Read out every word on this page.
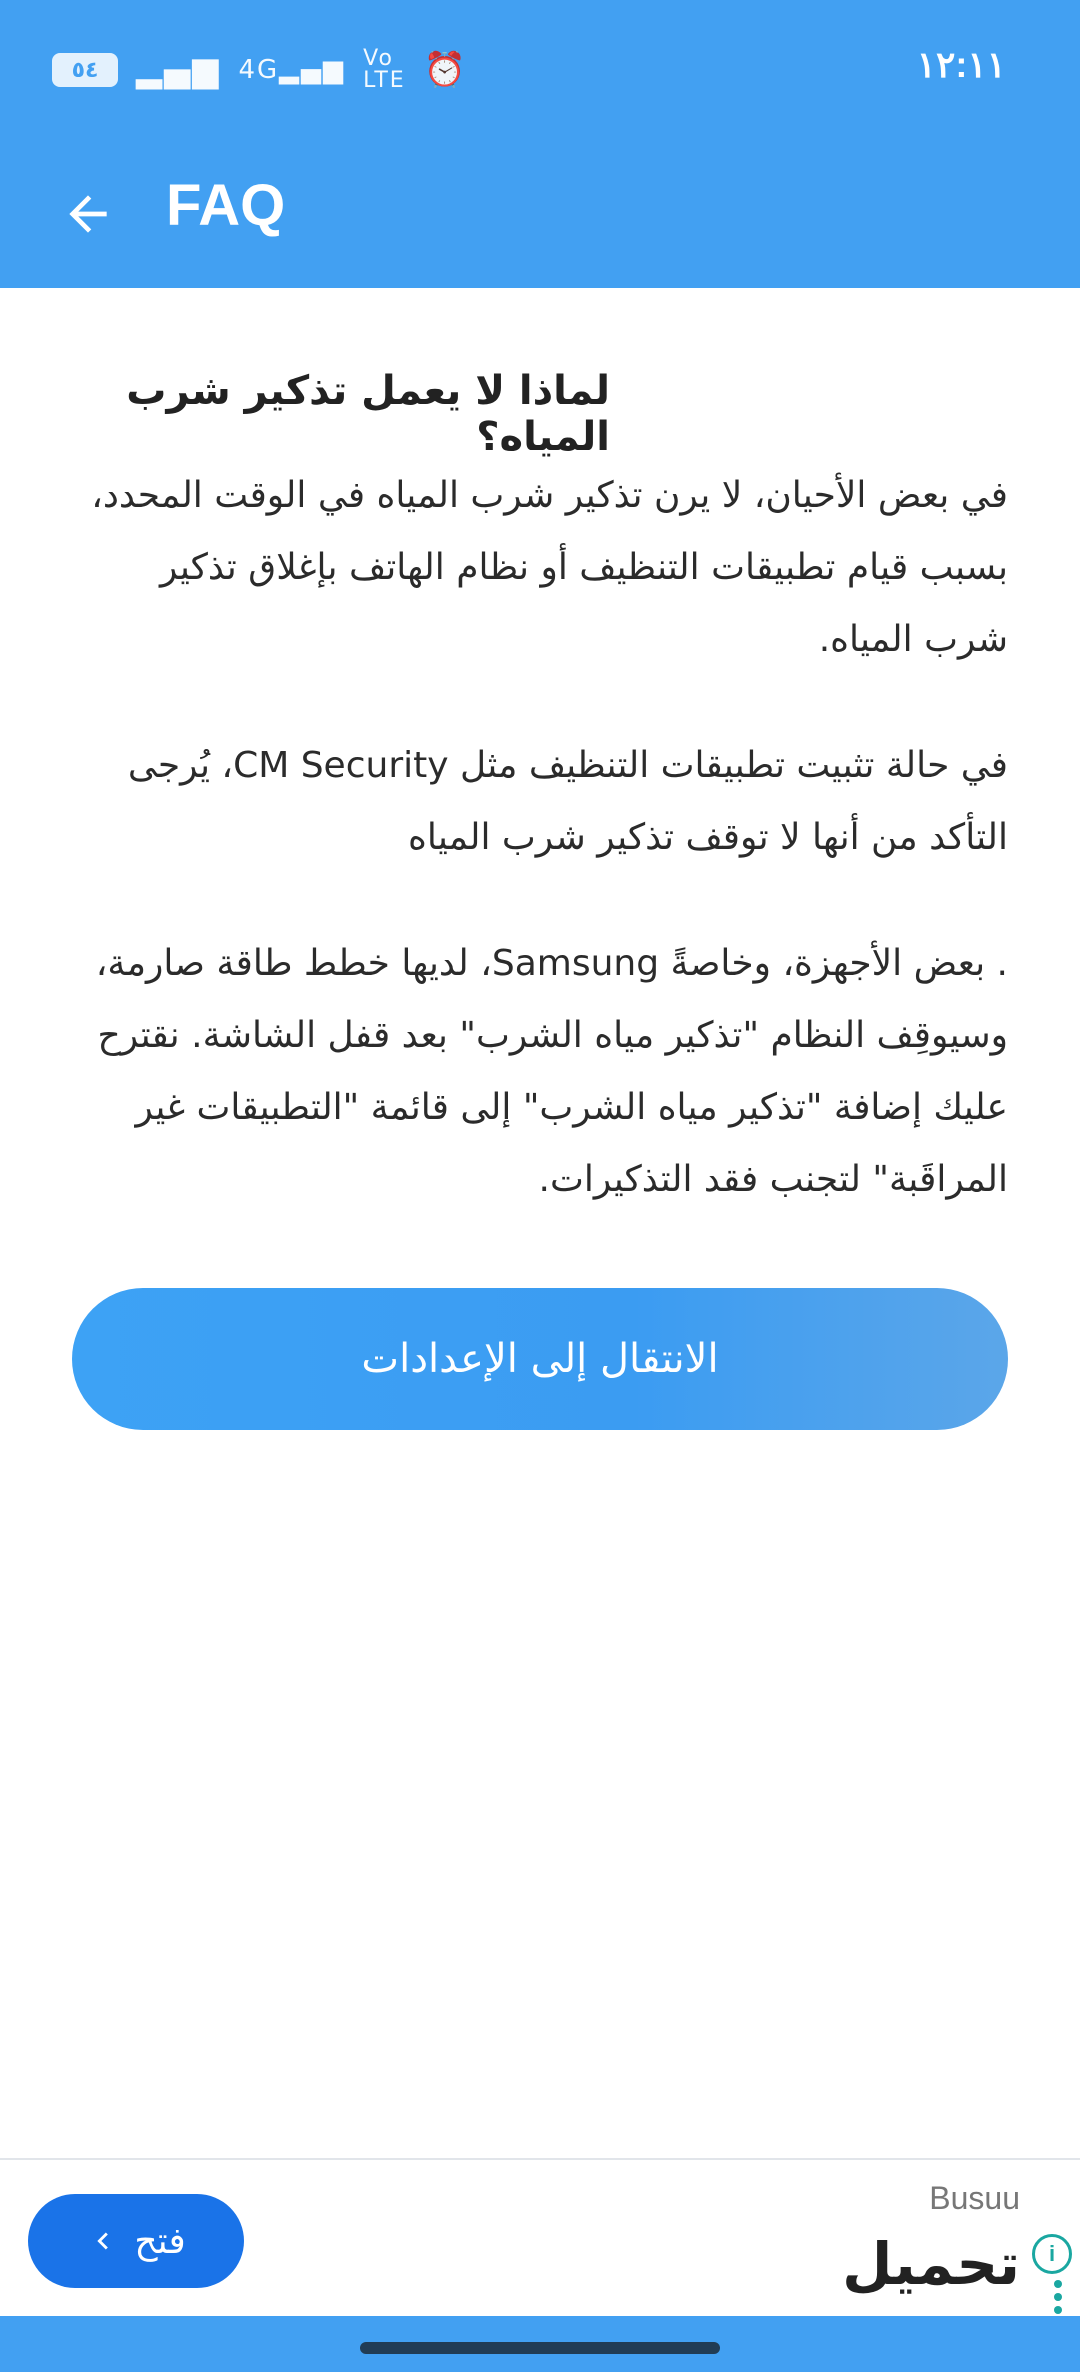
٥٤ ▂▄▆ 4G▂▄▆ Vo
LTE ⏰	١٢:١١
FAQ
لماذا لا يعمل تذكير شرب المياه؟
في بعض الأحيان، لا يرن تذكير شرب المياه في الوقت المحدد، بسبب قيام تطبيقات التنظيف أو نظام الهاتف بإغلاق تذكير شرب المياه.
في حالة تثبيت تطبيقات التنظيف مثل CM Security، يُرجى التأكد من أنها لا توقف تذكير شرب المياه
. بعض الأجهزة، وخاصةً Samsung، لديها خطط طاقة صارمة، وسيوقِف النظام "تذكير مياه الشرب" بعد قفل الشاشة. نقترح عليك إضافة "تذكير مياه الشرب" إلى قائمة "التطبيقات غير المراقَبة" لتجنب فقد التذكيرات.
الانتقال إلى الإعدادات
فتح
Busuu
تحميل	i
